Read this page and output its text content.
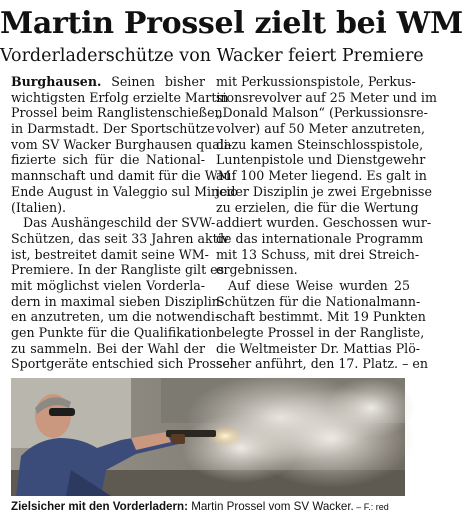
Martin Prossel zielt bei WM
Vorderladerschütze von Wacker feiert Premiere
Burghausen. Seinen bisher
wichtigsten Erfolg erzielte Martin
Prossel beim Ranglistenschießen
in Darmstadt. Der Sportschütze
vom SV Wacker Burghausen quali-
fizierte sich für die National-
mannschaft und damit für die WM
Ende August in Valeggio sul Mincio
(Italien).
Das Aushängeschild der SVW-
Schützen, das seit 33 Jahren aktiv
ist, bestreitet damit seine WM-
Premiere. In der Rangliste gilt es
mit möglichst vielen Vorderla-
dern in maximal sieben Disziplin-
en anzutreten, um die notwendi-
gen Punkte für die Qualifikation
zu sammeln. Bei der Wahl der
Sportgeräte entschied sich Prossel
mit Perkussionspistole, Perkus-
sionsrevolver auf 25 Meter und im
„Donald Malson“ (Perkussionsre-
volver) auf 50 Meter anzutreten,
dazu kamen Steinschlosspistole,
Luntenpistole und Dienstgewehr
auf 100 Meter liegend. Es galt in
jeder Disziplin je zwei Ergebnisse
zu erzielen, die für die Wertung
addiert wurden. Geschossen wur-
de das internationale Programm
mit 13 Schuss, mit drei Streich-
ergebnissen.
Auf diese Weise wurden 25
Schützen für die Nationalmann-
schaft bestimmt. Mit 19 Punkten
belegte Prossel in der Rangliste,
die Weltmeister Dr. Mattias Plö-
scher anführt, den 17. Platz. – en
Zielsicher mit den Vorderladern: Martin Prossel vom SV Wacker. – F.: red
